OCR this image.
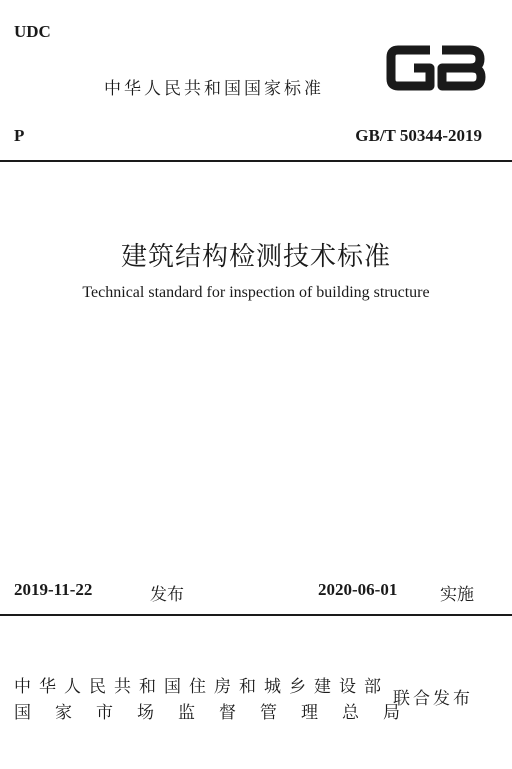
UDC
中华人民共和国国家标准
P	GB/T 50344-2019
建筑结构检测技术标准
Technical standard for inspection of building structure
2019-11-22	发布	2020-06-01	实施
中华人民共和国住房和城乡建设部
国家市场监督管理总局
联合发布
